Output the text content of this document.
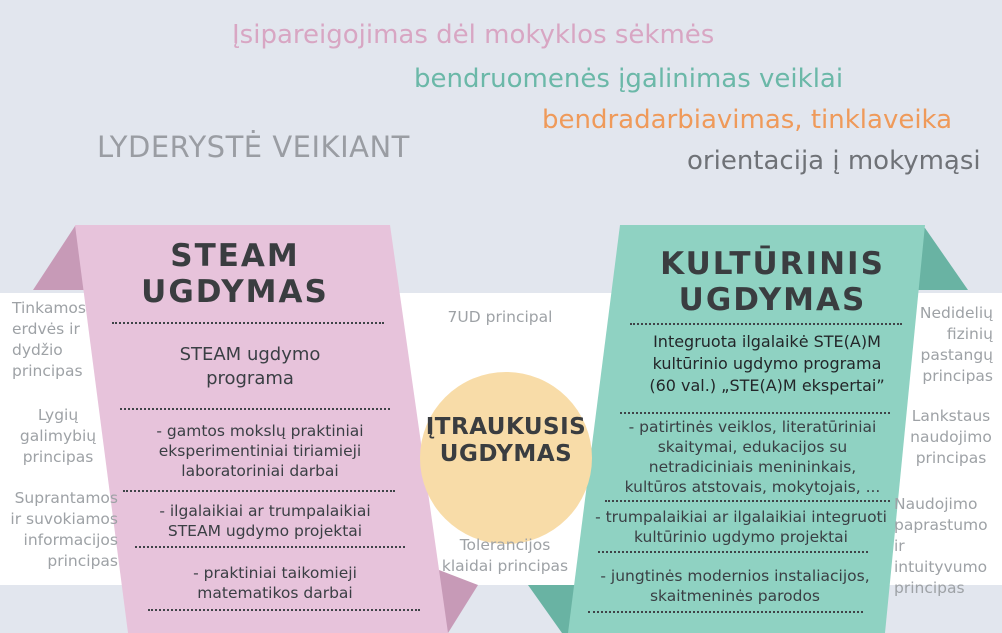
Įsipareigojimas dėl mokyklos sėkmės
bendruomenės įgalinimas veiklai
bendradarbiavimas, tinklaveika
LYDERYSTĖ VEIKIANT	orientacija į mokymąsi
ĮTRAUKUSIS
UGDYMAS
7UD principal
Tolerancijos
klaidai principas
Tinkamos
erdvės ir
dydžio
principas
Lygių
galimybių
principas
Suprantamos
ir suvokiamos
informacijos
principas
Nedidelių
fizinių
pastangų
principas
Lankstaus
naudojimo
principas
Naudojimo
paprastumo ir
intuityvumo
principas
STEAM
UGDYMAS
STEAM ugdymo
programa
- gamtos mokslų praktiniai
eksperimentiniai tiriamieji
laboratoriniai darbai
- ilgalaikiai ar trumpalaikiai
STEAM ugdymo projektai
- praktiniai taikomieji
matematikos darbai
KULTŪRINIS
UGDYMAS
Integruota ilgalaikė STE(A)M
kultūrinio ugdymo programa
(60 val.) „STE(A)M ekspertai”
- patirtinės veiklos, literatūriniai
skaitymai, edukacijos su
netradiciniais menininkais,
kultūros atstovais, mokytojais, ...
- trumpalaikiai ar ilgalaikiai integruoti
kultūrinio ugdymo projektai
- jungtinės modernios instaliacijos,
skaitmeninės parodos
